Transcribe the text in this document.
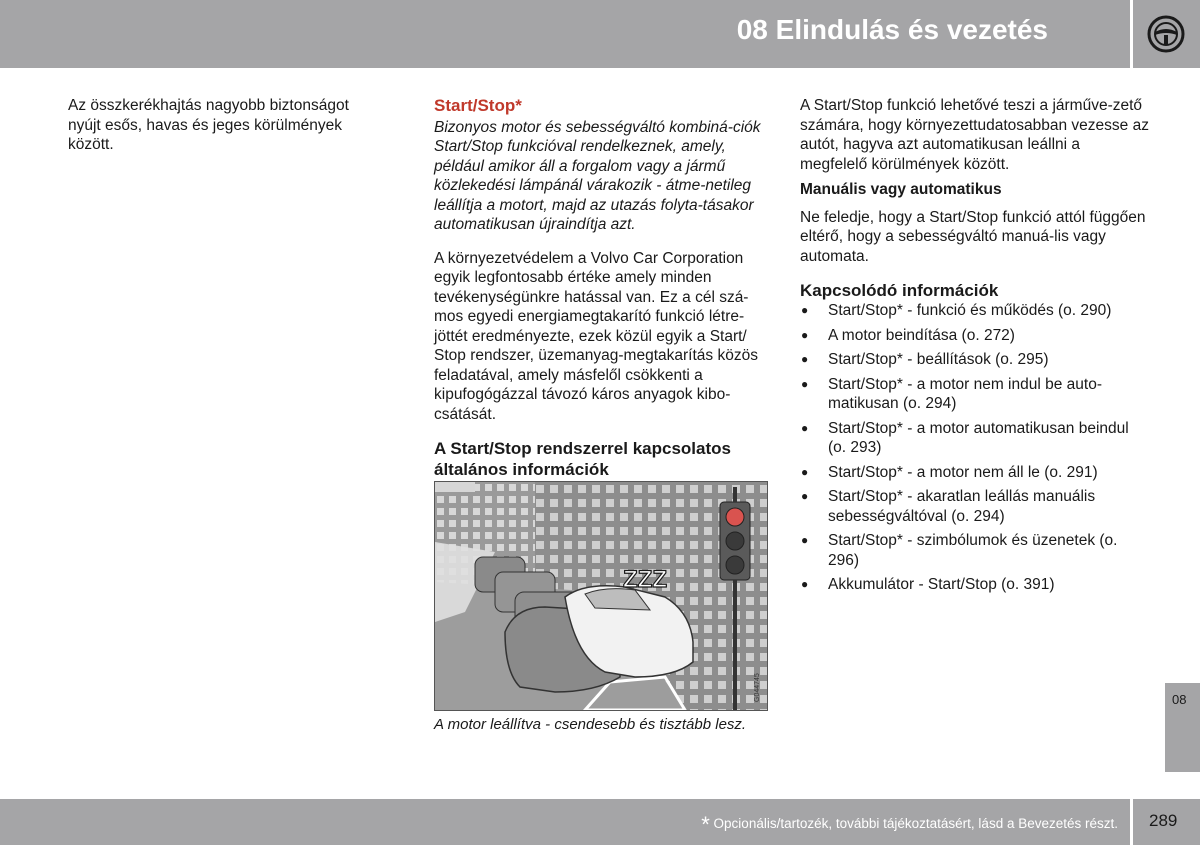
08 Elindulás és vezetés

Az összkerékhajtás nagyobb biztonságot nyújt esős, havas és jeges körülmények között.

Start/Stop*

Bizonyos motor és sebességváltó kombiná-ciók Start/Stop funkcióval rendelkeznek, amely, például amikor áll a forgalom vagy a jármű közlekedési lámpánál várakozik - átme-netileg leállítja a motort, majd az utazás folyta-tásakor automatikusan újraindítja azt.

A környezetvédelem a Volvo Car Corporation egyik legfontosabb értéke amely minden tevékenységünkre hatással van. Ez a cél szá-mos egyedi energiamegtakarító funkció létre-jöttét eredményezte, ezek közül egyik a Start/ Stop rendszer, üzemanyag-megtakarítás közös feladatával, amely másfelől csökkenti a kipufogógázzal távozó káros anyagok kibo-csátását.

A Start/Stop rendszerrel kapcsolatos általános információk

ZZZ
G044745
A motor leállítva - csendesebb és tisztább lesz.

A Start/Stop funkció lehetővé teszi a járműve-zető számára, hogy környezettudatosabban vezesse az autót, hagyva azt automatikusan leállni a megfelelő körülmények között.

Manuális vagy automatikus

Ne feledje, hogy a Start/Stop funkció attól függően eltérő, hogy a sebességváltó manuá-lis vagy automata.

Kapcsolódó információk

● Start/Stop* - funkció és működés (o. 290)
● A motor beindítása (o. 272)
● Start/Stop* - beállítások (o. 295)
● Start/Stop* - a motor nem indul be auto-matikusan (o. 294)
● Start/Stop* - a motor automatikusan beindul (o. 293)
● Start/Stop* - a motor nem áll le (o. 291)
● Start/Stop* - akaratlan leállás manuális sebességváltóval (o. 294)
● Start/Stop* - szimbólumok és üzenetek (o. 296)
● Akkumulátor - Start/Stop (o. 391)
08
* Opcionális/tartozék, további tájékoztatásért, lásd a Bevezetés részt. 289
